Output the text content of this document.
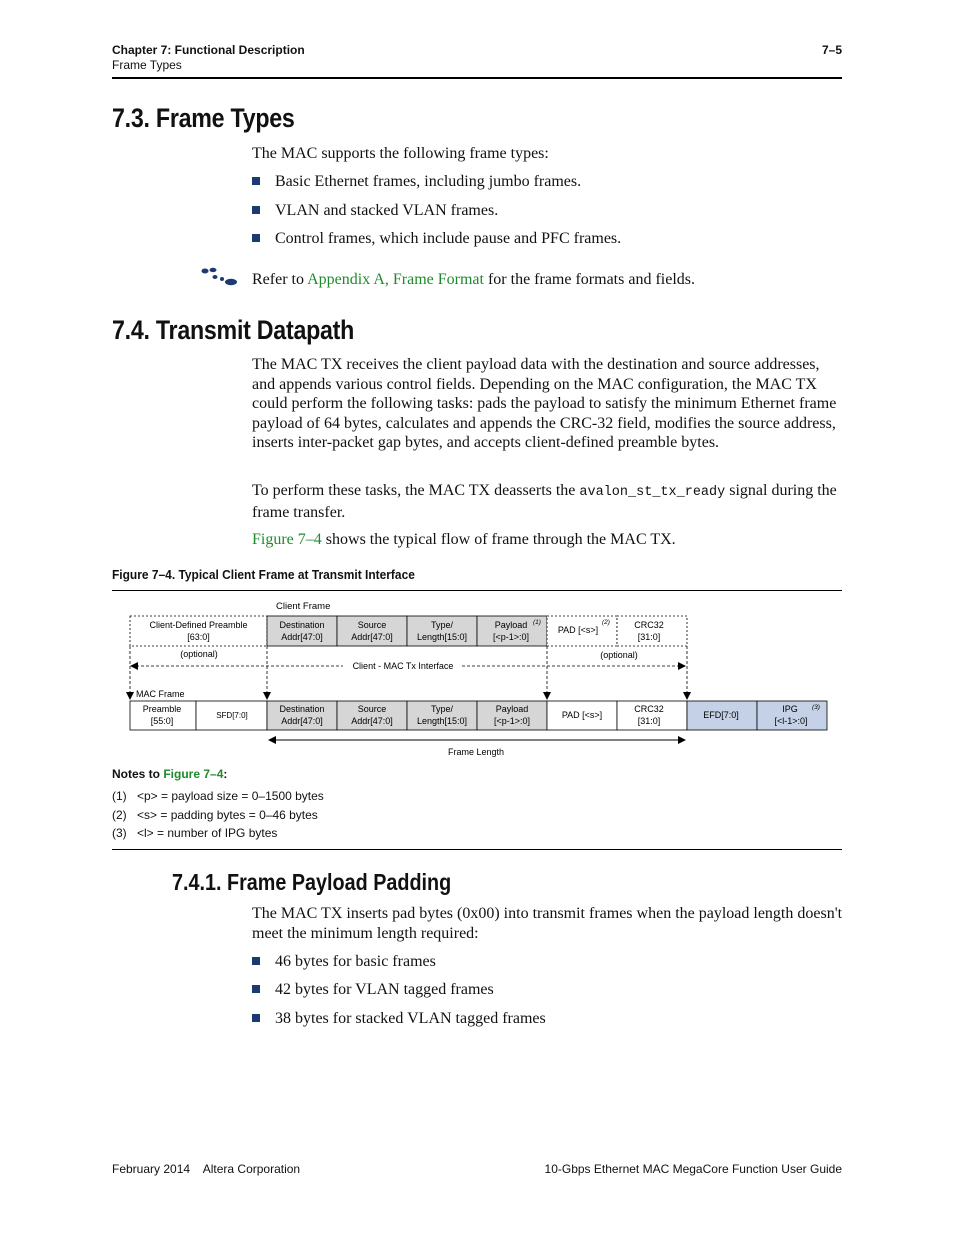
Chapter 7: Functional Description
Frame Types
7–5
7.3. Frame Types
The MAC supports the following frame types:
Basic Ethernet frames, including jumbo frames.
VLAN and stacked VLAN frames.
Control frames, which include pause and PFC frames.
Refer to Appendix A, Frame Format for the frame formats and fields.
7.4. Transmit Datapath
The MAC TX receives the client payload data with the destination and source addresses, and appends various control fields. Depending on the MAC configuration, the MAC TX could perform the following tasks: pads the payload to satisfy the minimum Ethernet frame payload of 64 bytes, calculates and appends the CRC-32 field, modifies the source address, inserts inter-packet gap bytes, and accepts client-defined preamble bytes.
To perform these tasks, the MAC TX deasserts the avalon_st_tx_ready signal during the frame transfer.
Figure 7–4 shows the typical flow of frame through the MAC TX.
Figure 7–4. Typical Client Frame at Transmit Interface
Client Frame
Client-Defined Preamble
[63:0]
Destination
Addr[47:0]
Source
Addr[47:0]
Type/
Length[15:0]
Payload (1)
[<p-1>:0]
PAD [<s>]
(2)	CRC32
[31:0]
(optional)	(optional)
Client - MAC Tx Interface
MAC Frame
Preamble
[55:0]
SFD[7:0]
Destination
Addr[47:0]
Source
Addr[47:0]
Type/
Length[15:0]
Payload
[<p-1>:0]
PAD [<s>]
CRC32
[31:0]
EFD[7:0]
IPG (3)
[<l-1>:0]
Frame Length
Notes to Figure 7–4:
(1) <p> = payload size = 0–1500 bytes
(2) <s> = padding bytes = 0–46 bytes
(3) <l> = number of IPG bytes
7.4.1. Frame Payload Padding
The MAC TX inserts pad bytes (0x00) into transmit frames when the payload length doesn't meet the minimum length required:
46 bytes for basic frames
42 bytes for VLAN tagged frames
38 bytes for stacked VLAN tagged frames
February 2014    Altera Corporation	10-Gbps Ethernet MAC MegaCore Function User Guide
